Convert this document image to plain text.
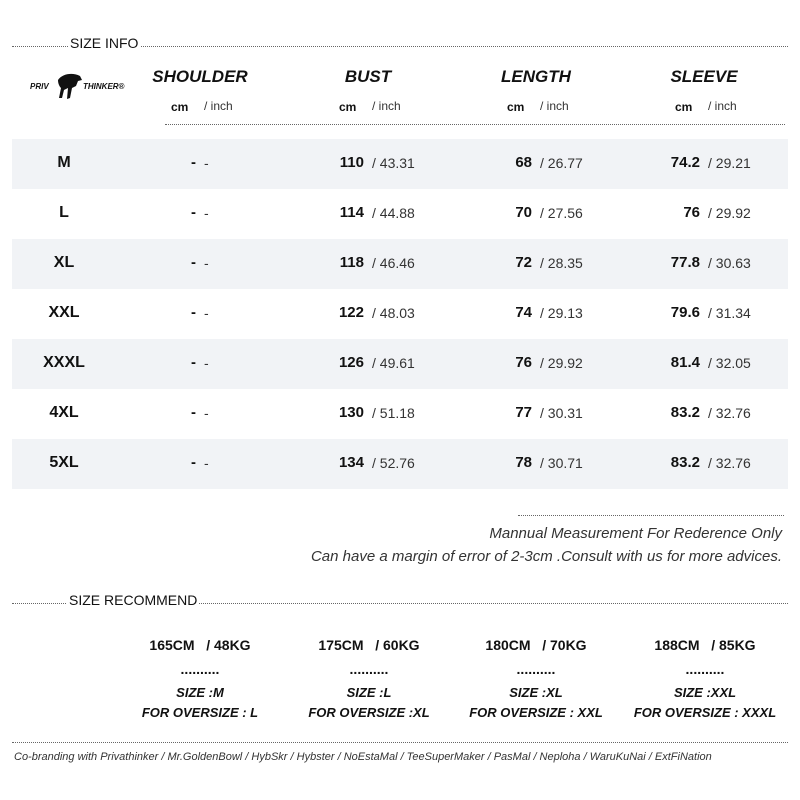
SIZE INFO
PRIV	THINKER®
SHOULDER	BUST	LENGTH	SLEEVE
cm / inch	cm / inch	cm / inch	cm / inch
M	- -	110 / 43.31	68 / 26.77	74.2 / 29.21
L	- -	114 / 44.88	70 / 27.56	76 / 29.92
XL	- -	118 / 46.46	72 / 28.35	77.8 / 30.63
XXL	- -	122 / 48.03	74 / 29.13	79.6 / 31.34
XXXL	- -	126 / 49.61	76 / 29.92	81.4 / 32.05
4XL	- -	130 / 51.18	77 / 30.31	83.2 / 32.76
5XL	- -	134 / 52.76	78 / 30.71	83.2 / 32.76
Mannual Measurement For Rederence Only
Can have a margin of error of 2-3cm .Consult with us for more advices.
SIZE RECOMMEND
165CM / 48KG
..........
SIZE :M
FOR OVERSIZE : L
175CM / 60KG
..........
SIZE :L
FOR OVERSIZE :XL
180CM / 70KG
..........
SIZE :XL
FOR OVERSIZE : XXL
188CM / 85KG
..........
SIZE :XXL
FOR OVERSIZE : XXXL
Co-branding with Privathinker / Mr.GoldenBowl / HybSkr / Hybster / NoEstaMal / TeeSuperMaker / PasMal / Neploha / WaruKuNai / ExtFiNation
